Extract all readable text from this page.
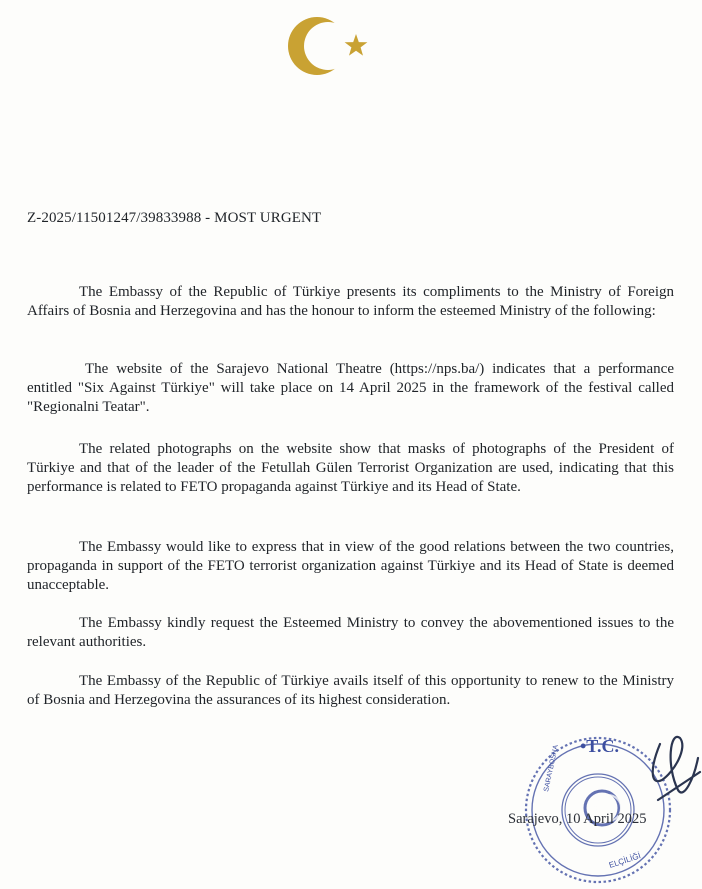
Z-2025/11501247/39833988 - MOST URGENT

The Embassy of the Republic of Türkiye presents its compliments to the Ministry of Foreign Affairs of Bosnia and Herzegovina and has the honour to inform the esteemed Ministry of the following:

The website of the Sarajevo National Theatre (https://nps.ba/) indicates that a performance entitled "Six Against Türkiye" will take place on 14 April 2025 in the framework of the festival called "Regionalni Teatar".

The related photographs on the website show that masks of photographs of the President of Türkiye and that of the leader of the Fetullah Gülen Terrorist Organization are used, indicating that this performance is related to FETO propaganda against Türkiye and its Head of State.

The Embassy would like to express that in view of the good relations between the two countries, propaganda in support of the FETO terrorist organization against Türkiye and its Head of State is deemed unacceptable.

The Embassy kindly request the Esteemed Ministry to convey the abovementioned issues to the relevant authorities.

The Embassy of the Republic of Türkiye avails itself of this opportunity to renew to the Ministry of Bosnia and Herzegovina the assurances of its highest consideration.

•T.C.
SARAYBOSNA
ELÇİLİĞİ
Sarajevo, 10 April 2025
